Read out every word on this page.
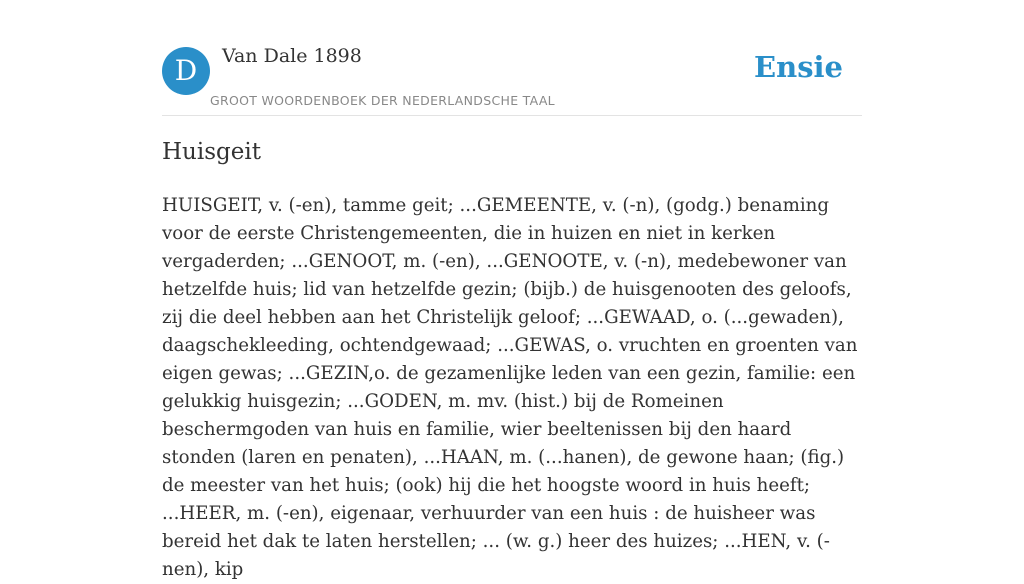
D	Van Dale 1898
GROOT WOORDENBOEK DER NEDERLANDSCHE TAAL
Ensie
Huisgeit

HUISGEIT, v. (-en), tamme geit; ...GEMEENTE, v. (-n), (godg.) benaming voor de eerste Christengemeenten, die in huizen en niet in kerken vergaderden; ...GENOOT, m. (-en), ...GENOOTE, v. (-n), medebewoner van hetzelfde huis; lid van hetzelfde gezin; (bijb.) de huisgenooten des geloofs, zij die deel hebben aan het Christelijk geloof; ...GEWAAD, o. (...gewaden), daagschekleeding, ochtendgewaad; ...GEWAS, o. vruchten en groenten van eigen gewas; ...GEZIN,o. de gezamenlijke leden van een gezin, familie: een gelukkig huisgezin; ...GODEN, m. mv. (hist.) bij de Romeinen beschermgoden van huis en familie, wier beeltenissen bij den haard stonden (laren en penaten), ...HAAN, m. (...hanen), de gewone haan; (fig.) de meester van het huis; (ook) hij die het hoogste woord in huis heeft; ...HEER, m. (-en), eigenaar, verhuurder van een huis : de huisheer was bereid het dak te laten herstellen; ... (w. g.) heer des huizes; ...HEN, v. (-nen), kip
